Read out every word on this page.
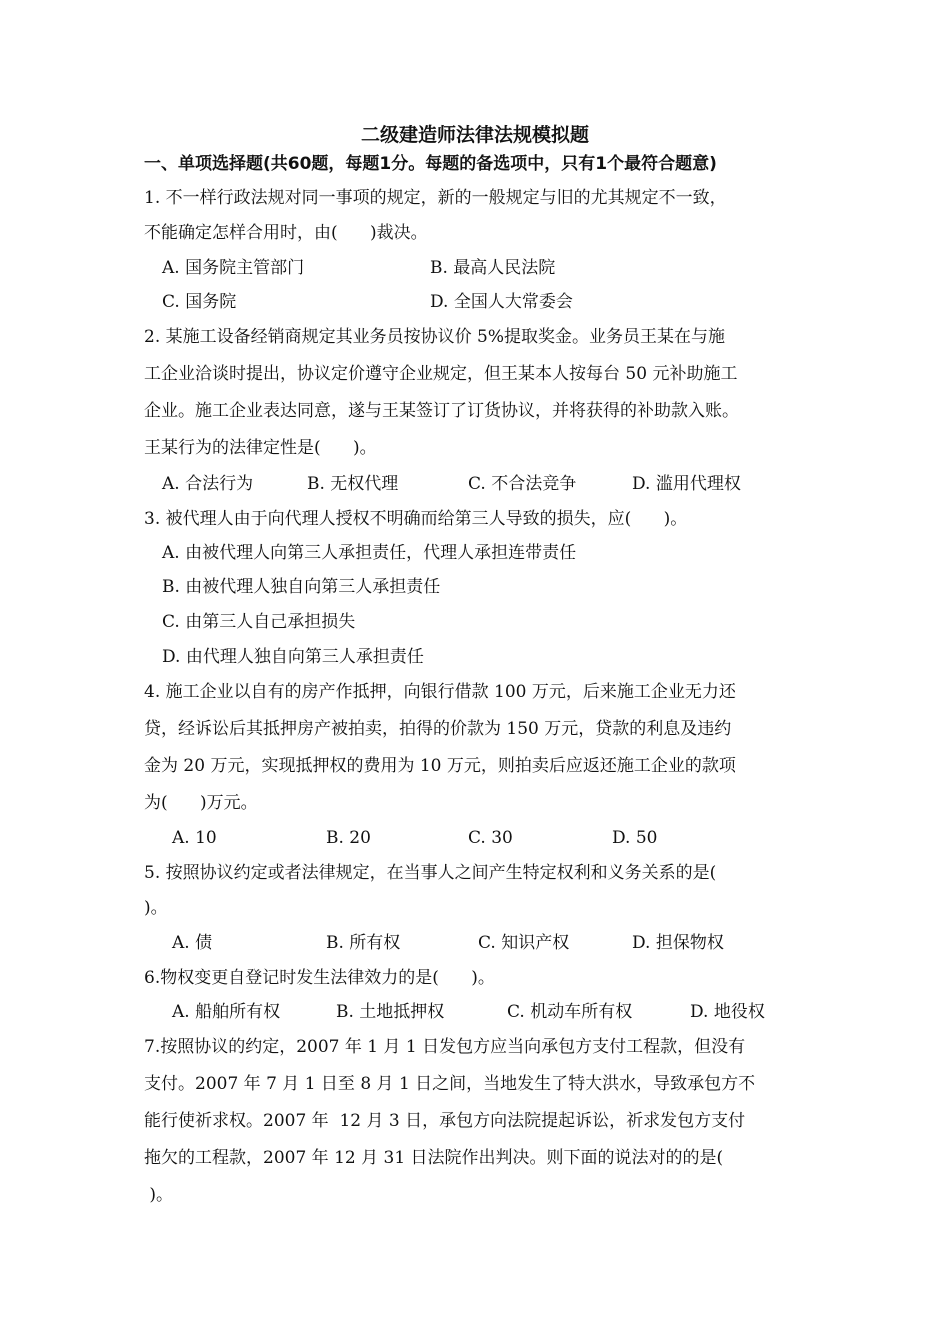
二级建造师法律法规模拟题
一、单项选择题(共60题，每题1分。每题的备选项中，只有1个最符合题意)
1. 不一样行政法规对同一事项的规定，新的一般规定与旧的尤其规定不一致，
不能确定怎样合用时，由(      )裁决。
A. 国务院主管部门	B. 最高人民法院
C. 国务院	D. 全国人大常委会
2. 某施工设备经销商规定其业务员按协议价 5%提取奖金。业务员王某在与施
工企业洽谈时提出，协议定价遵守企业规定，但王某本人按每台 50 元补助施工
企业。施工企业表达同意，遂与王某签订了订货协议，并将获得的补助款入账。
王某行为的法律定性是(      )。
A. 合法行为	B. 无权代理	C. 不合法竞争	D. 滥用代理权
3. 被代理人由于向代理人授权不明确而给第三人导致的损失，应(      )。
A. 由被代理人向第三人承担责任，代理人承担连带责任
B. 由被代理人独自向第三人承担责任
C. 由第三人自己承担损失
D. 由代理人独自向第三人承担责任
4. 施工企业以自有的房产作抵押，向银行借款 100 万元，后来施工企业无力还
贷，经诉讼后其抵押房产被拍卖，拍得的价款为 150 万元，贷款的利息及违约
金为 20 万元，实现抵押权的费用为 10 万元，则拍卖后应返还施工企业的款项
为(      )万元。
A. 10	B. 20	C. 30	D. 50
5. 按照协议约定或者法律规定，在当事人之间产生特定权利和义务关系的是(
)。
A. 债	B. 所有权	C. 知识产权	D. 担保物权
6.物权变更自登记时发生法律效力的是(      )。
A. 船舶所有权	B. 土地抵押权	C. 机动车所有权	D. 地役权
7.按照协议的约定，2007 年 1 月 1 日发包方应当向承包方支付工程款，但没有
支付。2007 年 7 月 1 日至 8 月 1 日之间，当地发生了特大洪水，导致承包方不
能行使祈求权。2007 年  12 月 3 日，承包方向法院提起诉讼，祈求发包方支付
拖欠的工程款，2007 年 12 月 31 日法院作出判决。则下面的说法对的的是(
)。
